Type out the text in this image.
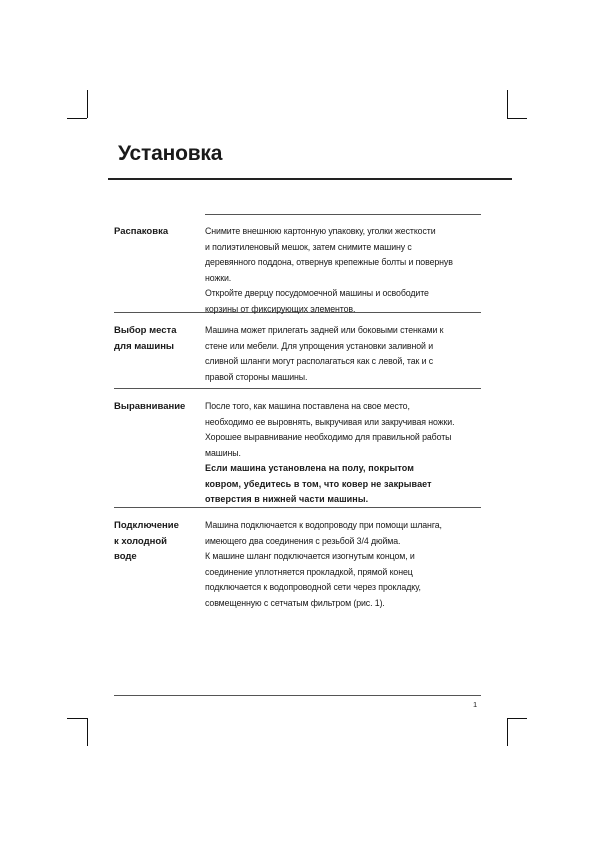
Установка
Распаковка	Снимите внешнюю картонную упаковку, уголки жесткости
и полиэтиленовый мешок, затем снимите машину с
деревянного поддона, отвернув крепежные болты и повернув
ножки.

Откройте дверцу посудомоечной машины и освободите
корзины от фиксирующих элементов.

Выбор места
для машины

Машина может прилегать задней или боковыми стенками к
стене или мебели. Для упрощения установки заливной и
сливной шланги могут располагаться как с левой, так и с
правой стороны машины.

Выравнивание	После того, как машина поставлена на свое место,
необходимо ее выровнять, выкручивая или закручивая ножки.
Хорошее выравнивание необходимо для правильной работы
машины.

Если машина установлена на полу, покрытом
ковром, убедитесь в том, что ковер не закрывает
отверстия в нижней части машины.

Подключение
к холодной
воде

Машина подключается к водопроводу при помощи шланга,
имеющего два соединения с резьбой 3/4 дюйма.
К машине шланг подключается изогнутым концом, и
соединение уплотняется прокладкой, прямой конец
подключается к водопроводной сети через прокладку,
совмещенную с сетчатым фильтром (рис. 1).

1
